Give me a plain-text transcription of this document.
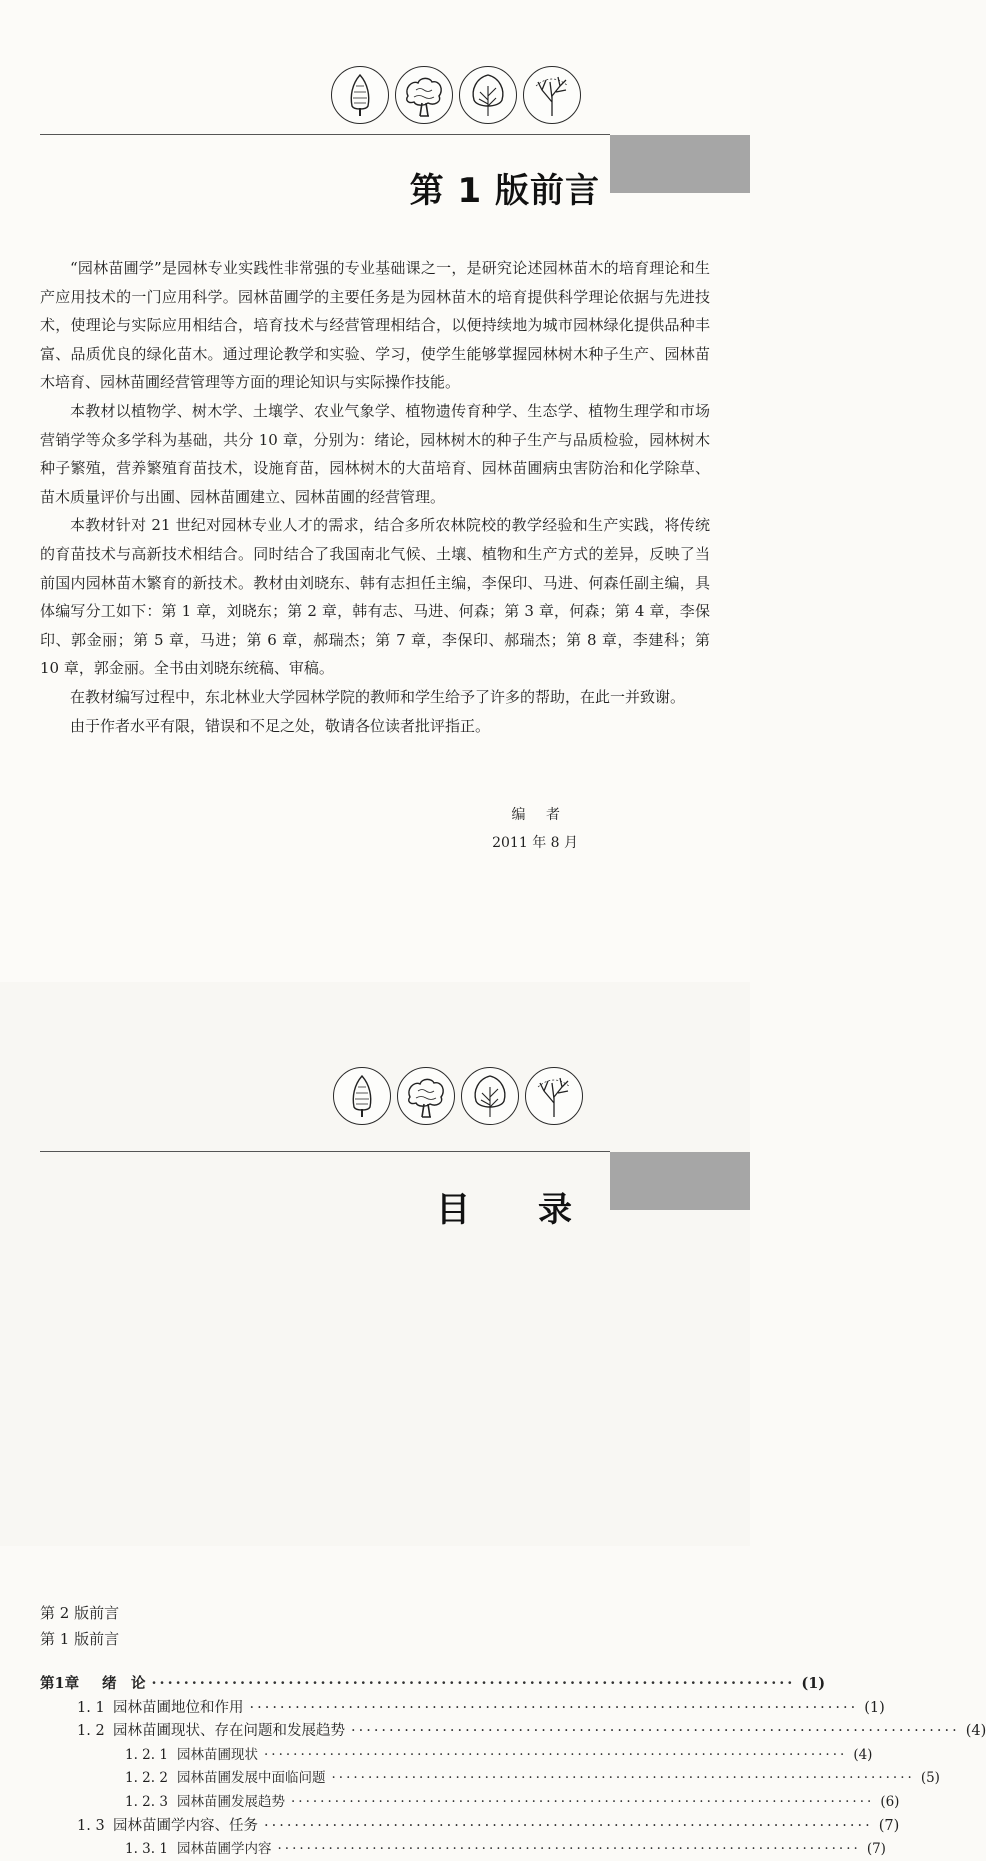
第 1 版前言

“园林苗圃学”是园林专业实践性非常强的专业基础课之一，是研究论述园林苗木的培育理论和生产应用技术的一门应用科学。园林苗圃学的主要任务是为园林苗木的培育提供科学理论依据与先进技术，使理论与实际应用相结合，培育技术与经营管理相结合，以便持续地为城市园林绿化提供品种丰富、品质优良的绿化苗木。通过理论教学和实验、学习，使学生能够掌握园林树木种子生产、园林苗木培育、园林苗圃经营管理等方面的理论知识与实际操作技能。

本教材以植物学、树木学、土壤学、农业气象学、植物遗传育种学、生态学、植物生理学和市场营销学等众多学科为基础，共分 10 章，分别为：绪论，园林树木的种子生产与品质检验，园林树木种子繁殖，营养繁殖育苗技术，设施育苗，园林树木的大苗培育、园林苗圃病虫害防治和化学除草、苗木质量评价与出圃、园林苗圃建立、园林苗圃的经营管理。

本教材针对 21 世纪对园林专业人才的需求，结合多所农林院校的教学经验和生产实践，将传统的育苗技术与高新技术相结合。同时结合了我国南北气候、土壤、植物和生产方式的差异，反映了当前国内园林苗木繁育的新技术。教材由刘晓东、韩有志担任主编，李保印、马进、何森任副主编，具体编写分工如下：第 1 章，刘晓东；第 2 章，韩有志、马进、何森；第 3 章，何森；第 4 章，李保印、郭金丽；第 5 章，马进；第 6 章，郝瑞杰；第 7 章，李保印、郝瑞杰；第 8 章，李建科；第 10 章，郭金丽。全书由刘晓东统稿、审稿。

在教材编写过程中，东北林业大学园林学院的教师和学生给予了许多的帮助，在此一并致谢。

由于作者水平有限，错误和不足之处，敬请各位读者批评指正。

编 者
2011 年 8 月
目 录
第 2 版前言
第 1 版前言
第1章	绪　论 ················································································ (1)
1. 1 园林苗圃地位和作用 ················································································ (1)
1. 2 园林苗圃现状、存在问题和发展趋势 ················································································ (4)
1. 2. 1 园林苗圃现状 ················································································ (4)
1. 2. 2 园林苗圃发展中面临问题 ················································································ (5)
1. 2. 3 园林苗圃发展趋势 ················································································ (6)
1. 3 园林苗圃学内容、任务 ················································································ (7)
1. 3. 1 园林苗圃学内容 ················································································ (7)
